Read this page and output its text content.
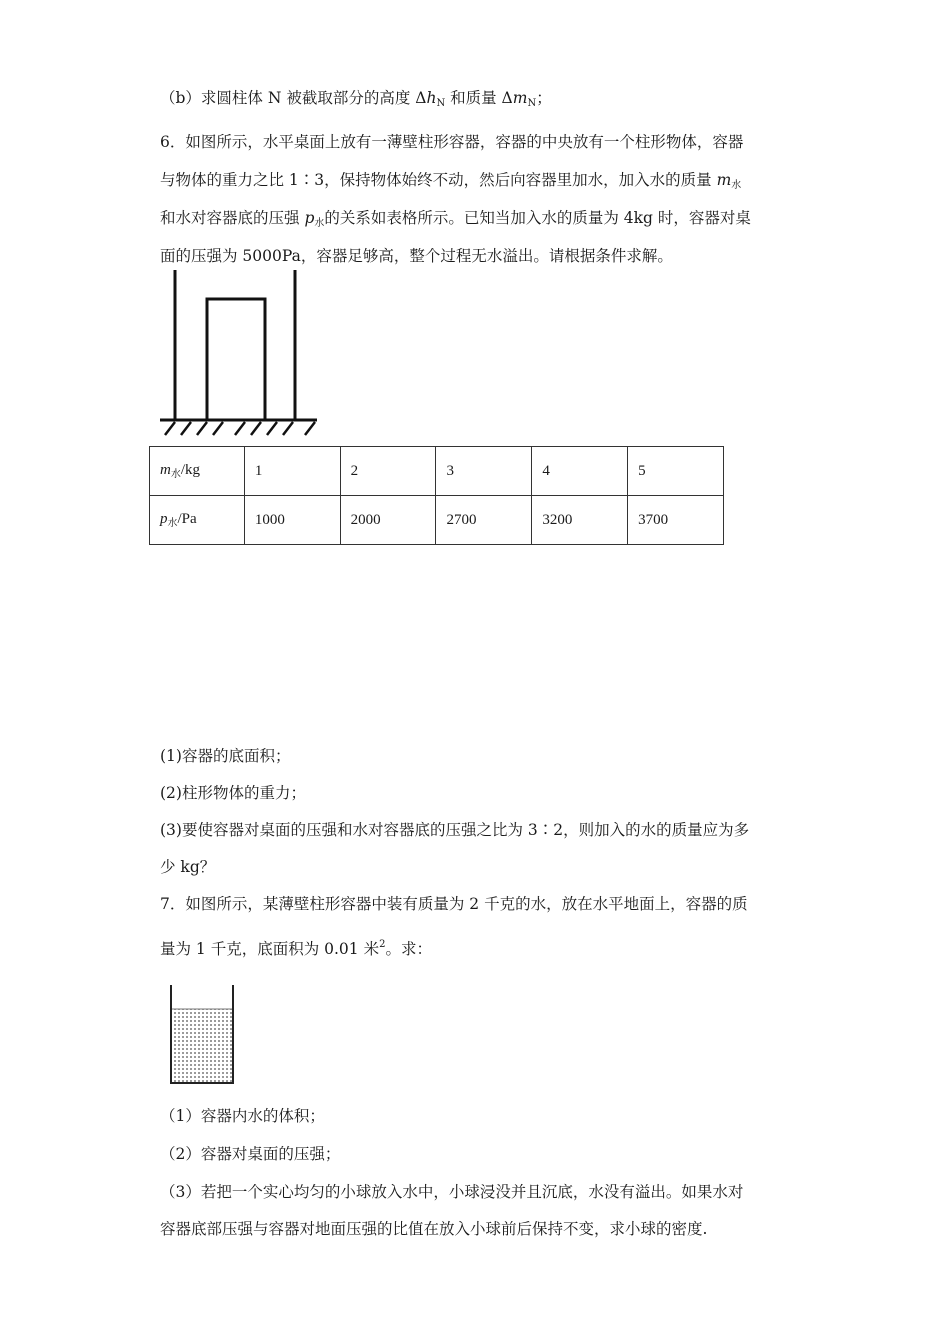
（b）求圆柱体 N 被截取部分的高度 $\Delta h_N$ 和质量 $\Delta m_N$；
6．如图所示，水平桌面上放有一薄壁柱形容器，容器的中央放有一个柱形物体，容器
与物体的重力之比 1∶3，保持物体始终不动，然后向容器里加水，加入水的质量 $m_水$
和水对容器底的压强 $p_水$的关系如表格所示。已知当加入水的质量为 4kg 时，容器对桌
面的压强为 5000Pa，容器足够高，整个过程无水溢出。请根据条件求解。
$m_水/kg$	1	2	3	4	5
$p_水/Pa$	1000	2000	2700	3200	3700
(1)容器的底面积；
(2)柱形物体的重力；
(3)要使容器对桌面的压强和水对容器底的压强之比为 3∶2，则加入的水的质量应为多
少 kg？
7．如图所示，某薄壁柱形容器中装有质量为 2 千克的水，放在水平地面上，容器的质
量为 1 千克，底面积为 0.01 米$^2$。求：
（1）容器内水的体积；
（2）容器对桌面的压强；
（3）若把一个实心均匀的小球放入水中，小球浸没并且沉底，水没有溢出。如果水对
容器底部压强与容器对地面压强的比值在放入小球前后保持不变，求小球的密度.
